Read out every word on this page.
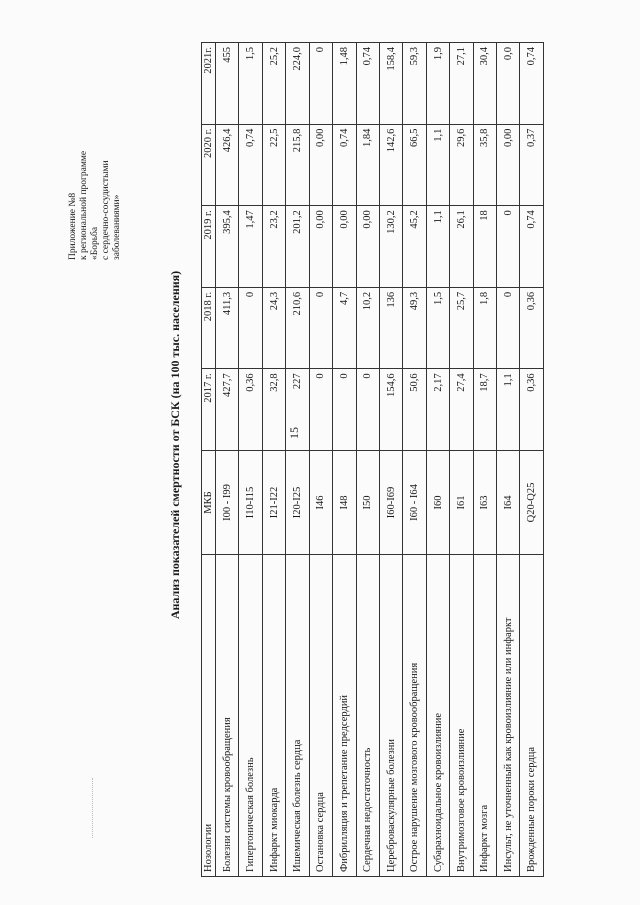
Приложение №8 к региональной программе «Борьба с сердечно-сосудистыми заболеваниями»
Анализ показателей смертности от БСК (на 100 тыс. населения)
Нозологии	МКБ	2017 г.	2018 г.	2019 г.	2020 г.	2021г.
Болезни системы кровообращения	I00 - I99	427,7	411,3	395,4	426,4	455
Гипертоническая болезнь	I10-I15	0,36	0	1,47	0,74	1,5
Инфаркт миокарда	I21-I22	32,8	24,3	23,2	22,5	25,2
Ишемическая болезнь сердца	I20-I25	227	210,6	201,2	215,8	224,0
Остановка сердца	I46	0	0	0,00	0,00	0
Фибрилляция и трепетание предсердий	I48	0	4,7	0,00	0,74	1,48
Сердечная недостаточность	I50	0	10,2	0,00	1,84	0,74
Цереброваскулярные болезни	I60-I69	154,6	136	130,2	142,6	158,4
Острое нарушение мозгового кровообращения	I60 - I64	50,6	49,3	45,2	66,5	59,3
Субарахноидальное кровоизлияние	I60	2,17	1,5	1,1	1,1	1,9
Внутримозговое кровоизлияние	I61	27,4	25,7	26,1	29,6	27,1
Инфаркт мозга	I63	18,7	1,8	18	35,8	30,4
Инсульт, не уточненный как кровоизлияние или инфаркт	I64	1,1	0	0	0,00	0,0
Врожденные пороки сердца	Q20-Q25	0,36	0,36	0,74	0,37	0,74
15
